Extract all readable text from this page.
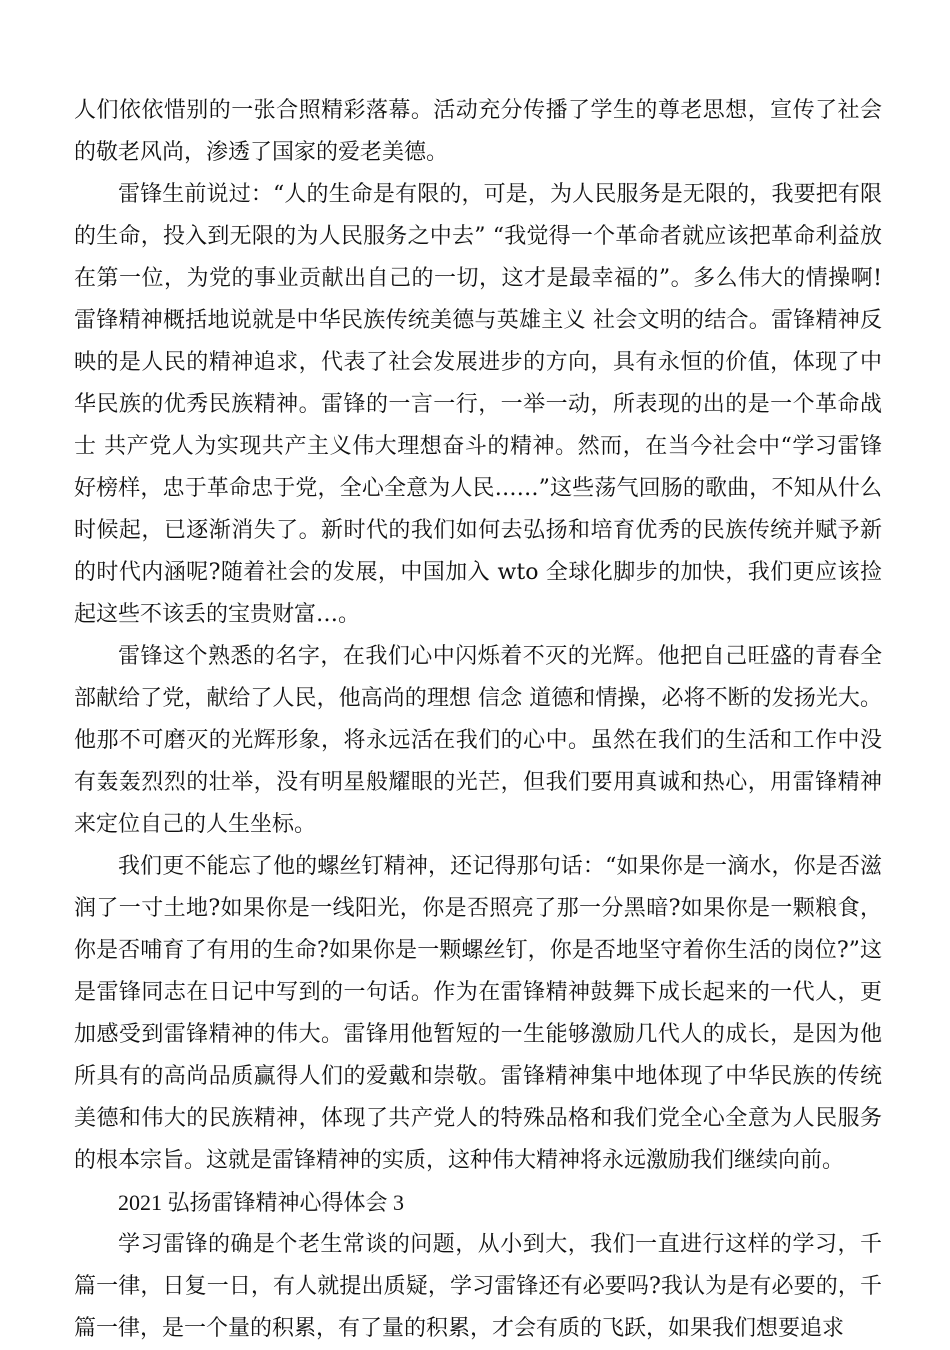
人们依依惜别的一张合照精彩落幕。活动充分传播了学生的尊老思想，宣传了社会的敬老风尚，渗透了国家的爱老美德。

雷锋生前说过：“人的生命是有限的，可是，为人民服务是无限的，我要把有限的生命，投入到无限的为人民服务之中去” “我觉得一个革命者就应该把革命利益放在第一位，为党的事业贡献出自己的一切，这才是最幸福的”。多么伟大的情操啊!雷锋精神概括地说就是中华民族传统美德与英雄主义 社会文明的结合。雷锋精神反映的是人民的精神追求，代表了社会发展进步的方向，具有永恒的价值，体现了中华民族的优秀民族精神。雷锋的一言一行，一举一动，所表现的出的是一个革命战士 共产党人为实现共产主义伟大理想奋斗的精神。然而，在当今社会中“学习雷锋好榜样，忠于革命忠于党，全心全意为人民……”这些荡气回肠的歌曲，不知从什么时候起，已逐渐消失了。新时代的我们如何去弘扬和培育优秀的民族传统并赋予新的时代内涵呢?随着社会的发展，中国加入 wto 全球化脚步的加快，我们更应该捡起这些不该丢的宝贵财富…。

雷锋这个熟悉的名字，在我们心中闪烁着不灭的光辉。他把自己旺盛的青春全部献给了党，献给了人民，他高尚的理想 信念 道德和情操，必将不断的发扬光大。他那不可磨灭的光辉形象，将永远活在我们的心中。虽然在我们的生活和工作中没有轰轰烈烈的壮举，没有明星般耀眼的光芒，但我们要用真诚和热心，用雷锋精神来定位自己的人生坐标。

我们更不能忘了他的螺丝钉精神，还记得那句话：“如果你是一滴水，你是否滋润了一寸土地?如果你是一线阳光，你是否照亮了那一分黑暗?如果你是一颗粮食，你是否哺育了有用的生命?如果你是一颗螺丝钉，你是否地坚守着你生活的岗位?”这是雷锋同志在日记中写到的一句话。作为在雷锋精神鼓舞下成长起来的一代人，更加感受到雷锋精神的伟大。雷锋用他暂短的一生能够激励几代人的成长，是因为他所具有的高尚品质赢得人们的爱戴和崇敬。雷锋精神集中地体现了中华民族的传统美德和伟大的民族精神，体现了共产党人的特殊品格和我们党全心全意为人民服务的根本宗旨。这就是雷锋精神的实质，这种伟大精神将永远激励我们继续向前。

2021 弘扬雷锋精神心得体会 3

学习雷锋的确是个老生常谈的问题，从小到大，我们一直进行这样的学习，千篇一律，日复一日，有人就提出质疑，学习雷锋还有必要吗?我认为是有必要的，千篇一律，是一个量的积累，有了量的积累，才会有质的飞跃，如果我们想要追求
